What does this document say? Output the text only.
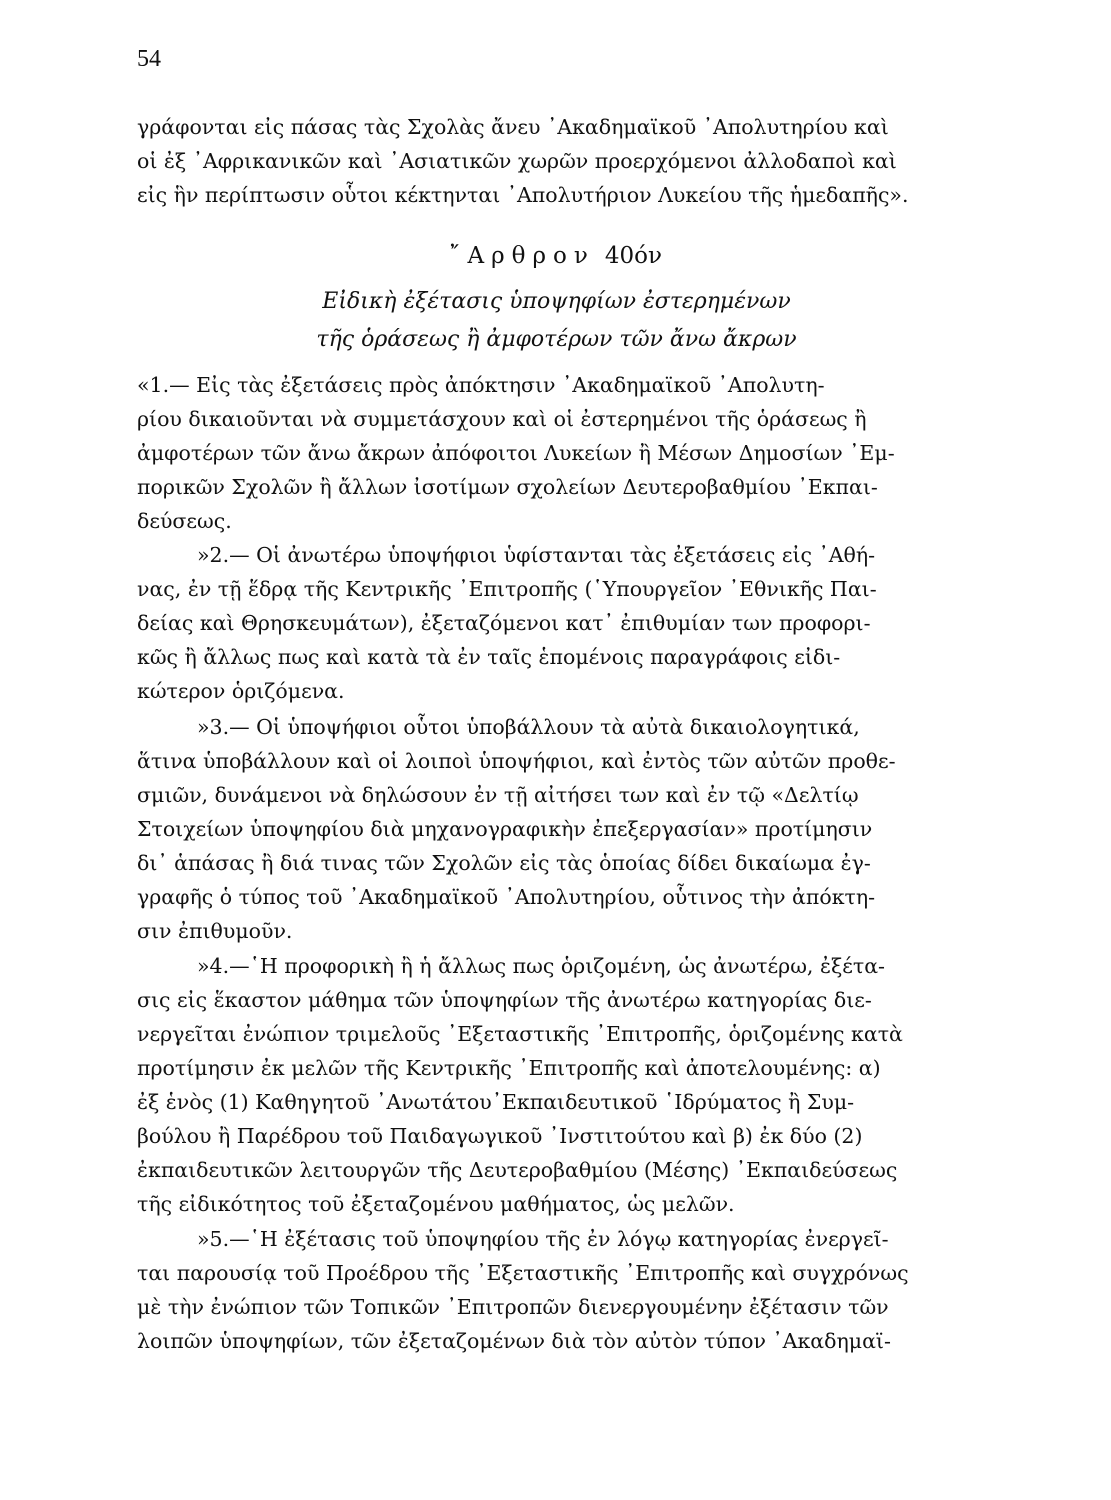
54

γράφονται εἰς πάσας τὰς Σχολὰς ἄνευ ᾿Ακαδημαϊκοῦ ᾿Απολυτηρίου καὶ
οἱ ἐξ ᾿Αφρικανικῶν καὶ ᾿Ασιατικῶν χωρῶν προερχόμενοι ἀλλοδαποὶ καὶ
εἰς ἣν περίπτωσιν οὗτοι κέκτηνται ᾿Απολυτήριον Λυκείου τῆς ἡμεδαπῆς».

῎Αρθρον 40όν
Εἰδικὴ ἐξέτασις ὑποψηφίων ἐστερημένων
τῆς ὁράσεως ἢ ἀμφοτέρων τῶν ἄνω ἄκρων

«1.— Εἰς τὰς ἐξετάσεις πρὸς ἀπόκτησιν ᾿Ακαδημαϊκοῦ ᾿Απολυτη-
ρίου δικαιοῦνται νὰ συμμετάσχουν καὶ οἱ ἐστερημένοι τῆς ὁράσεως ἢ
ἀμφοτέρων τῶν ἄνω ἄκρων ἀπόφοιτοι Λυκείων ἢ Μέσων Δημοσίων ᾿Εμ-
πορικῶν Σχολῶν ἢ ἄλλων ἰσοτίμων σχολείων Δευτεροβαθμίου ᾿Εκπαι-
δεύσεως.

»2.— Οἱ ἀνωτέρω ὑποψήφιοι ὑφίστανται τὰς ἐξετάσεις εἰς ᾿Αθή-
νας, ἐν τῇ ἕδρᾳ τῆς Κεντρικῆς ᾿Επιτροπῆς (῾Υπουργεῖον ᾿Εθνικῆς Παι-
δείας καὶ Θρησκευμάτων), ἐξεταζόμενοι κατ᾿ ἐπιθυμίαν των προφορι-
κῶς ἢ ἄλλως πως καὶ κατὰ τὰ ἐν ταῖς ἑπομένοις παραγράφοις εἰδι-
κώτερον ὁριζόμενα.

»3.— Οἱ ὑποψήφιοι οὗτοι ὑποβάλλουν τὰ αὐτὰ δικαιολογητικά,
ἅτινα ὑποβάλλουν καὶ οἱ λοιποὶ ὑποψήφιοι, καὶ ἐντὸς τῶν αὐτῶν προθε-
σμιῶν, δυνάμενοι νὰ δηλώσουν ἐν τῇ αἰτήσει των καὶ ἐν τῷ «Δελτίῳ
Στοιχείων ὑποψηφίου διὰ μηχανογραφικὴν ἐπεξεργασίαν» προτίμησιν
δι᾿ ἁπάσας ἢ διά τινας τῶν Σχολῶν εἰς τὰς ὁποίας δίδει δικαίωμα ἐγ-
γραφῆς ὁ τύπος τοῦ ᾿Ακαδημαϊκοῦ ᾿Απολυτηρίου, οὗτινος τὴν ἀπόκτη-
σιν ἐπιθυμοῦν.

»4.—῾Η προφορικὴ ἢ ἡ ἄλλως πως ὁριζομένη, ὡς ἀνωτέρω, ἐξέτα-
σις εἰς ἕκαστον μάθημα τῶν ὑποψηφίων τῆς ἀνωτέρω κατηγορίας διε-
νεργεῖται ἐνώπιον τριμελοῦς ᾿Εξεταστικῆς ᾿Επιτροπῆς, ὁριζομένης κατὰ
προτίμησιν ἐκ μελῶν τῆς Κεντρικῆς ᾿Επιτροπῆς καὶ ἀποτελουμένης: α)
ἐξ ἑνὸς (1) Καθηγητοῦ ᾿Ανωτάτου᾿Εκπαιδευτικοῦ ῾Ιδρύματος ἢ Συμ-
βούλου ἢ Παρέδρου τοῦ Παιδαγωγικοῦ ᾿Ινστιτούτου καὶ β) ἐκ δύο (2)
ἐκπαιδευτικῶν λειτουργῶν τῆς Δευτεροβαθμίου (Μέσης) ᾿Εκπαιδεύσεως
τῆς εἰδικότητος τοῦ ἐξεταζομένου μαθήματος, ὡς μελῶν.

»5.—῾Η ἐξέτασις τοῦ ὑποψηφίου τῆς ἐν λόγῳ κατηγορίας ἐνεργεῖ-
ται παρουσίᾳ τοῦ Προέδρου τῆς ᾿Εξεταστικῆς ᾿Επιτροπῆς καὶ συγχρόνως
μὲ τὴν ἐνώπιον τῶν Τοπικῶν ᾿Επιτροπῶν διενεργουμένην ἐξέτασιν τῶν
λοιπῶν ὑποψηφίων, τῶν ἐξεταζομένων διὰ τὸν αὐτὸν τύπον ᾿Ακαδημαϊ-
